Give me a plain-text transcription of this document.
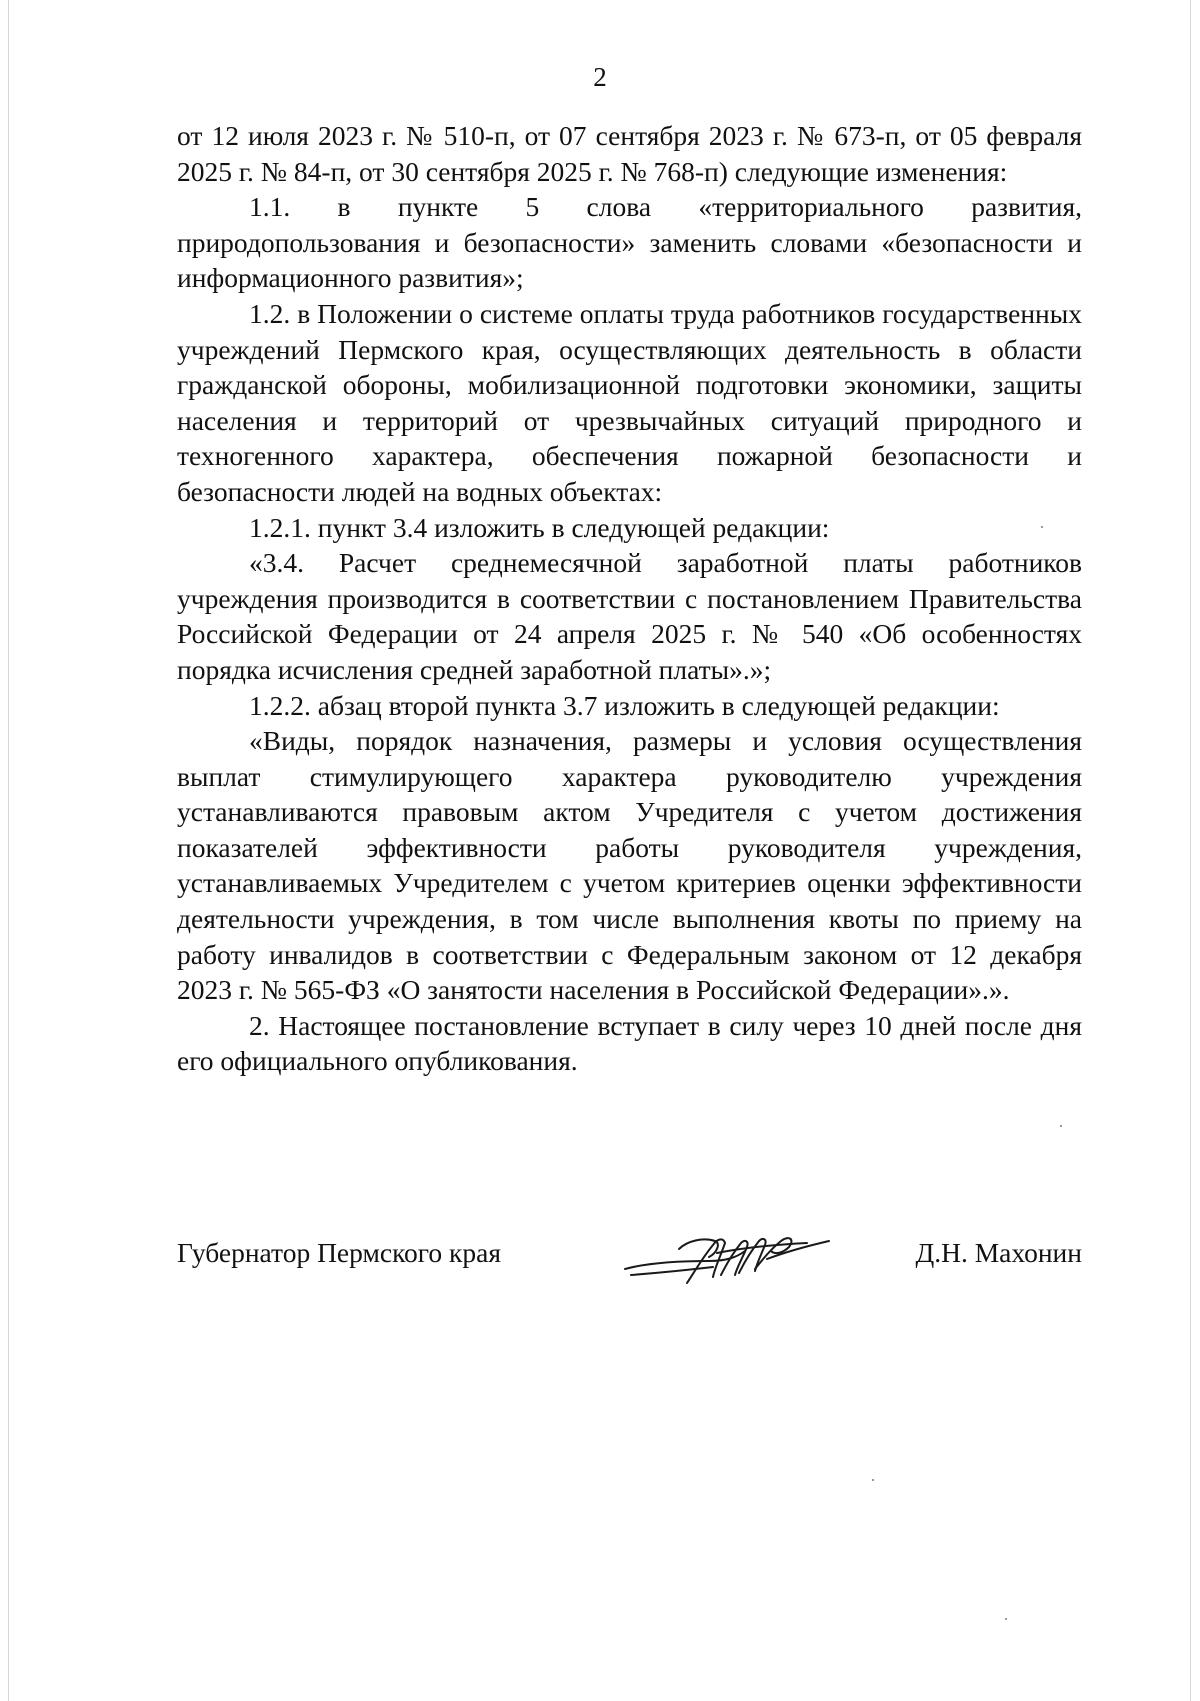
2

от 12 июля 2023 г. № 510-п, от 07 сентября 2023 г. № 673-п, от 05 февраля 2025 г. № 84-п, от 30 сентября 2025 г. № 768-п) следующие изменения:

1.1. в пункте 5 слова «территориального развития, природопользования и безопасности» заменить словами «безопасности и информационного развития»;

1.2. в Положении о системе оплаты труда работников государственных учреждений Пермского края, осуществляющих деятельность в области гражданской обороны, мобилизационной подготовки экономики, защиты населения и территорий от чрезвычайных ситуаций природного и техногенного характера, обеспечения пожарной безопасности и безопасности людей на водных объектах:

1.2.1. пункт 3.4 изложить в следующей редакции:

«3.4. Расчет среднемесячной заработной платы работников учреждения производится в соответствии с постановлением Правительства Российской Федерации от 24 апреля 2025 г. № 540 «Об особенностях порядка исчисления средней заработной платы».»;

1.2.2. абзац второй пункта 3.7 изложить в следующей редакции:

«Виды, порядок назначения, размеры и условия осуществления выплат стимулирующего характера руководителю учреждения устанавливаются правовым актом Учредителя с учетом достижения показателей эффективности работы руководителя учреждения, устанавливаемых Учредителем с учетом критериев оценки эффективности деятельности учреждения, в том числе выполнения квоты по приему на работу инвалидов в соответствии с Федеральным законом от 12 декабря 2023 г. № 565-ФЗ «О занятости населения в Российской Федерации».».

2. Настоящее постановление вступает в силу через 10 дней после дня его официального опубликования.

Губернатор Пермского края	Д.Н. Махонин
